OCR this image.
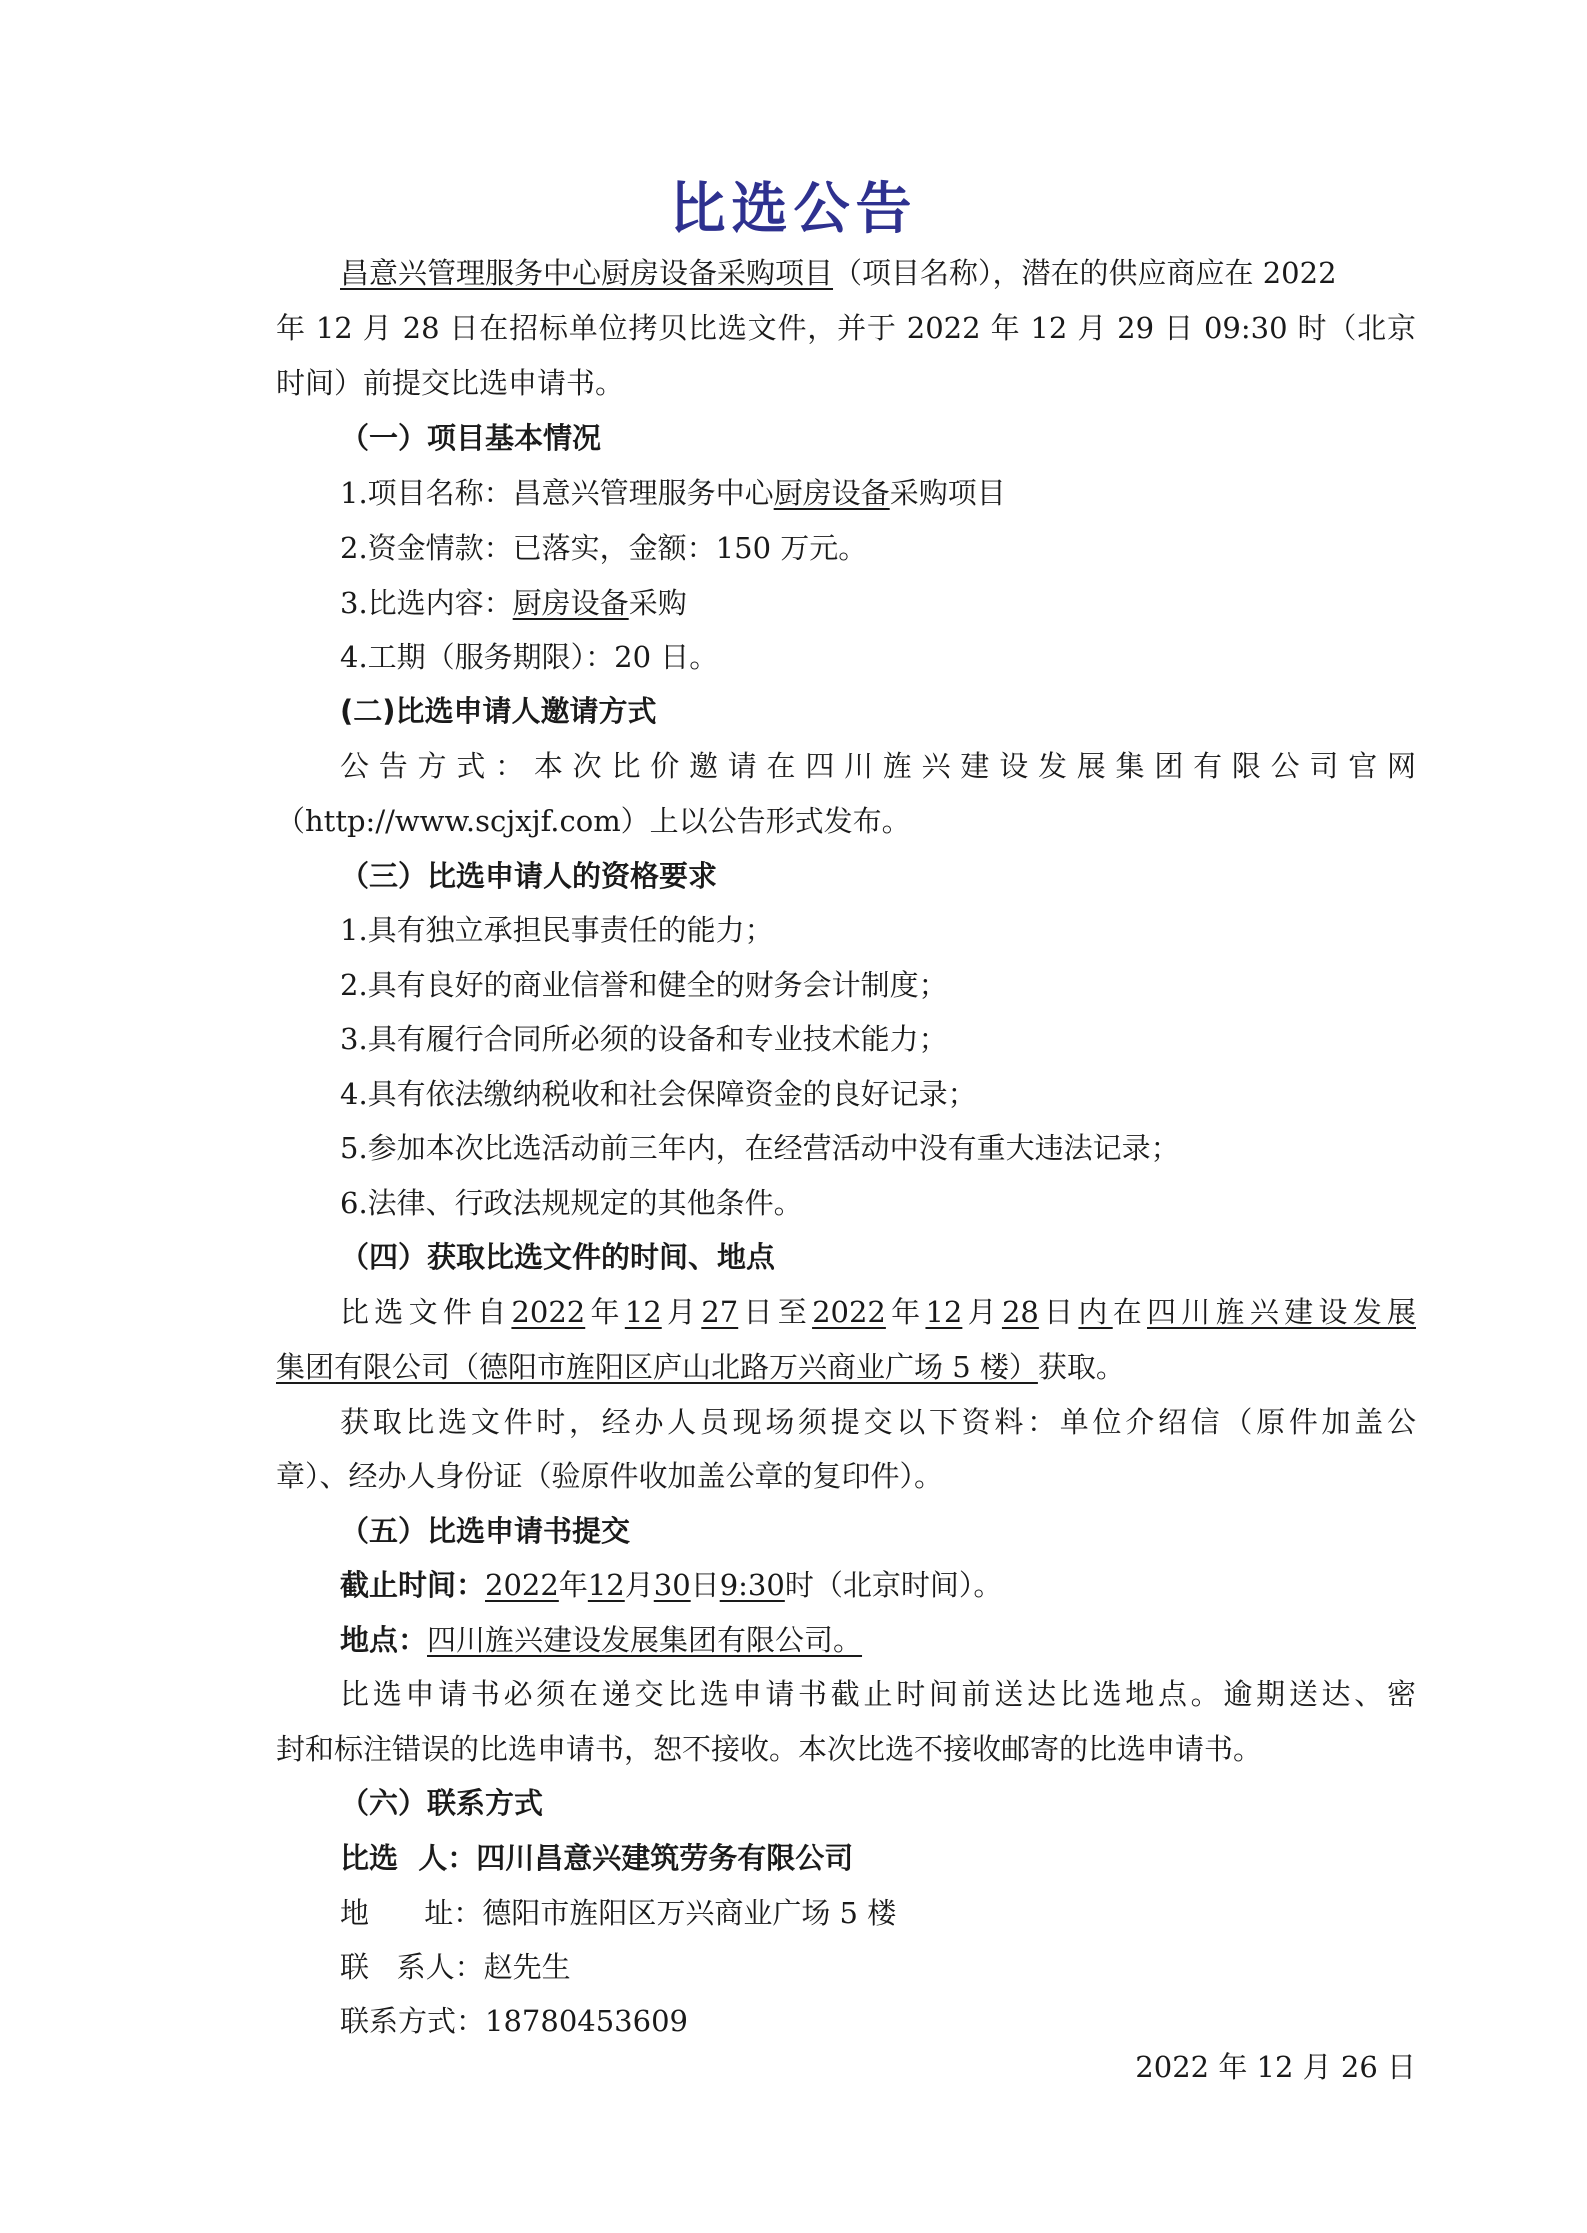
比选公告
昌意兴管理服务中心厨房设备采购项目（项目名称），潜在的供应商应在 2022
年 12 月 28 日在招标单位拷贝比选文件，并于 2022 年 12 月 29 日 09:30 时（北京
时间）前提交比选申请书。
（一）项目基本情况
1.项目名称：昌意兴管理服务中心厨房设备采购项目
2.资金情款：已落实，金额：150 万元。
3.比选内容：厨房设备采购
4.工期（服务期限）：20 日。
(二)比选申请人邀请方式
公告方式：本次比价邀请在四川旌兴建设发展集团有限公司官网
（http://www.scjxjf.com）上以公告形式发布。
（三）比选申请人的资格要求
1.具有独立承担民事责任的能力；
2.具有良好的商业信誉和健全的财务会计制度；
3.具有履行合同所必须的设备和专业技术能力；
4.具有依法缴纳税收和社会保障资金的良好记录；
5.参加本次比选活动前三年内，在经营活动中没有重大违法记录；
6.法律、行政法规规定的其他条件。
（四）获取比选文件的时间、地点
比选文件自2022年12月27日至2022年12月28日内在四川旌兴建设发展
集团有限公司（德阳市旌阳区庐山北路万兴商业广场 5 楼）获取。
获取比选文件时，经办人员现场须提交以下资料：单位介绍信（原件加盖公
章）、经办人身份证（验原件收加盖公章的复印件）。
（五）比选申请书提交
截止时间：2022年12月30日9:30时（北京时间）。
地点：四川旌兴建设发展集团有限公司。
比选申请书必须在递交比选申请书截止时间前送达比选地点。逾期送达、密
封和标注错误的比选申请书，恕不接收。本次比选不接收邮寄的比选申请书。
（六）联系方式
比选  人：四川昌意兴建筑劳务有限公司
地      址：德阳市旌阳区万兴商业广场 5 楼
联   系人：赵先生
联系方式：18780453609
2022 年 12 月 26 日
